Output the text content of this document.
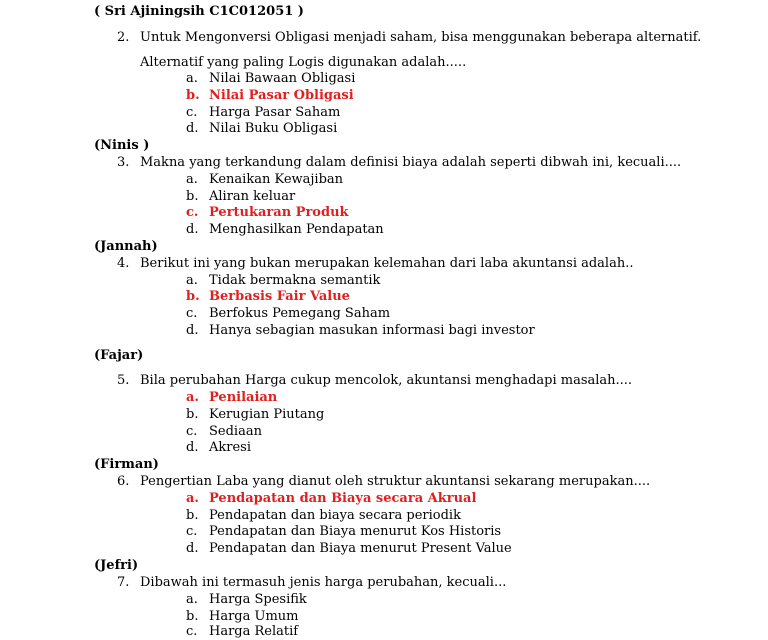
( Sri Ajiningsih C1C012051 )
2. Untuk Mengonversi Obligasi menjadi saham, bisa menggunakan beberapa alternatif.
Alternatif yang paling Logis digunakan adalah.....
a. Nilai Bawaan Obligasi
b. Nilai Pasar Obligasi
c. Harga Pasar Saham
d. Nilai Buku Obligasi
(Ninis )
3. Makna yang terkandung dalam definisi biaya adalah seperti dibwah ini, kecuali....
a. Kenaikan Kewajiban
b. Aliran keluar
c. Pertukaran Produk
d. Menghasilkan Pendapatan
(Jannah)
4. Berikut ini yang bukan merupakan kelemahan dari laba akuntansi adalah..
a. Tidak bermakna semantik
b. Berbasis Fair Value
c. Berfokus Pemegang Saham
d. Hanya sebagian masukan informasi bagi investor
(Fajar)
5. Bila perubahan Harga cukup mencolok, akuntansi menghadapi masalah....
a. Penilaian
b. Kerugian Piutang
c. Sediaan
d. Akresi
(Firman)
6. Pengertian Laba yang dianut oleh struktur akuntansi sekarang merupakan....
a. Pendapatan dan Biaya secara Akrual
b. Pendapatan dan biaya secara periodik
c. Pendapatan dan Biaya menurut Kos Historis
d. Pendapatan dan Biaya menurut Present Value
(Jefri)
7. Dibawah ini termasuh jenis harga perubahan, kecuali...
a. Harga Spesifik
b. Harga Umum
c. Harga Relatif
